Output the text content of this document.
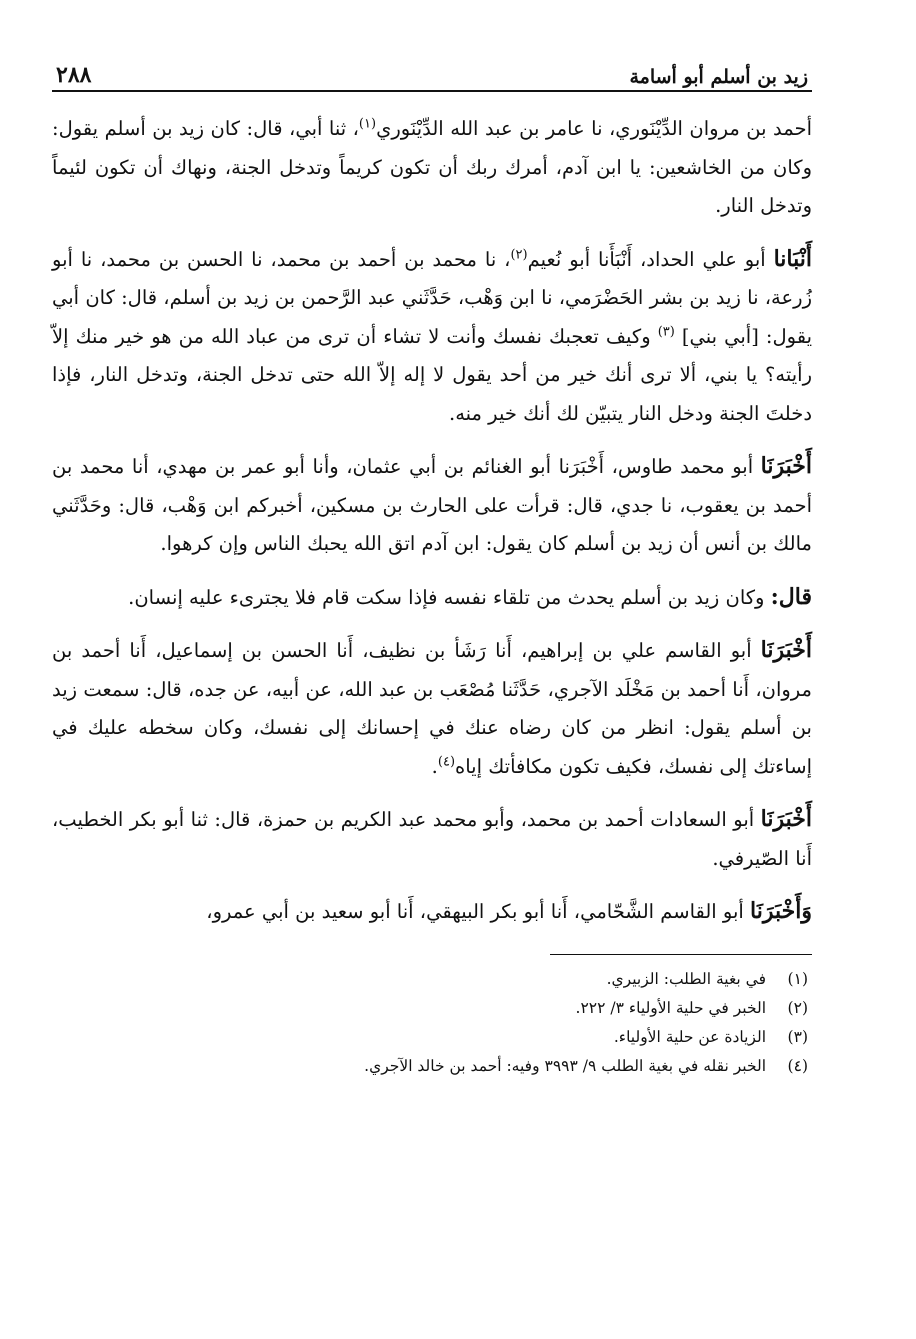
زيد بن أسلم أبو أسامة
٢٨٨

أحمد بن مروان الدِّيْنَوري، نا عامر بن عبد الله الدِّيْنَوري$^{(١)}$، ثنا أبي، قال: كان زيد بن أسلم يقول: وكان من الخاشعين: يا ابن آدم، أمرك ربك أن تكون كريماً وتدخل الجنة، ونهاك أن تكون لئيماً وتدخل النار.

أَنْبَانا أبو علي الحداد، أَنْبَأَنا أبو نُعيم$^{(٢)}$، نا محمد بن أحمد بن محمد، نا الحسن بن محمد، نا أبو زُرعة، نا زيد بن بشر الحَضْرَمي، نا ابن وَهْب، حَدَّثَني عبد الرَّحمن بن زيد بن أسلم، قال: كان أبي يقول: [أبي بني] $^{(٣)}$ وكيف تعجبك نفسك وأنت لا تشاء أن ترى من عباد الله من هو خير منك إلاّ رأيته؟ يا بني، ألا ترى أنك خير من أحد يقول لا إله إلاّ الله حتى تدخل الجنة، وتدخل النار، فإذا دخلتَ الجنة ودخل النار يتبيّن لك أنك خير منه.

أَخْبَرَنَا أبو محمد طاوس، أَخْبَرَنا أبو الغنائم بن أبي عثمان، وأنا أبو عمر بن مهدي، أنا محمد بن أحمد بن يعقوب، نا جدي، قال: قرأت على الحارث بن مسكين، أخبركم ابن وَهْب، قال: وحَدَّثَني مالك بن أنس أن زيد بن أسلم كان يقول: ابن آدم اتق الله يحبك الناس وإن كرهوا.

قال: وكان زيد بن أسلم يحدث من تلقاء نفسه فإذا سكت قام فلا يجترىء عليه إنسان.

أَخْبَرَنَا أبو القاسم علي بن إبراهيم، أَنا رَشَأ بن نظيف، أَنا الحسن بن إسماعيل، أَنا أحمد بن مروان، أَنا أحمد بن مَخْلَد الآجري، حَدَّثَنا مُصْعَب بن عبد الله، عن أبيه، عن جده، قال: سمعت زيد بن أسلم يقول: انظر من كان رضاه عنك في إحسانك إلى نفسك، وكان سخطه عليك في إساءتك إلى نفسك، فكيف تكون مكافأتك إياه$^{(٤)}$.

أَخْبَرَنَا أبو السعادات أحمد بن محمد، وأبو محمد عبد الكريم بن حمزة، قال: ثنا أبو بكر الخطيب، أَنا الصّيرفي.

وَأَخْبَرَنَا أبو القاسم الشَّحّامي، أَنا أبو بكر البيهقي، أَنا أبو سعيد بن أبي عمرو،

(١)
في بغية الطلب: الزبيري.
(٢)
الخبر في حلية الأولياء ٣/ ٢٢٢.
(٣)
الزيادة عن حلية الأولياء.
(٤)
الخبر نقله في بغية الطلب ٩/ ٣٩٩٣ وفيه: أحمد بن خالد الآجري.
